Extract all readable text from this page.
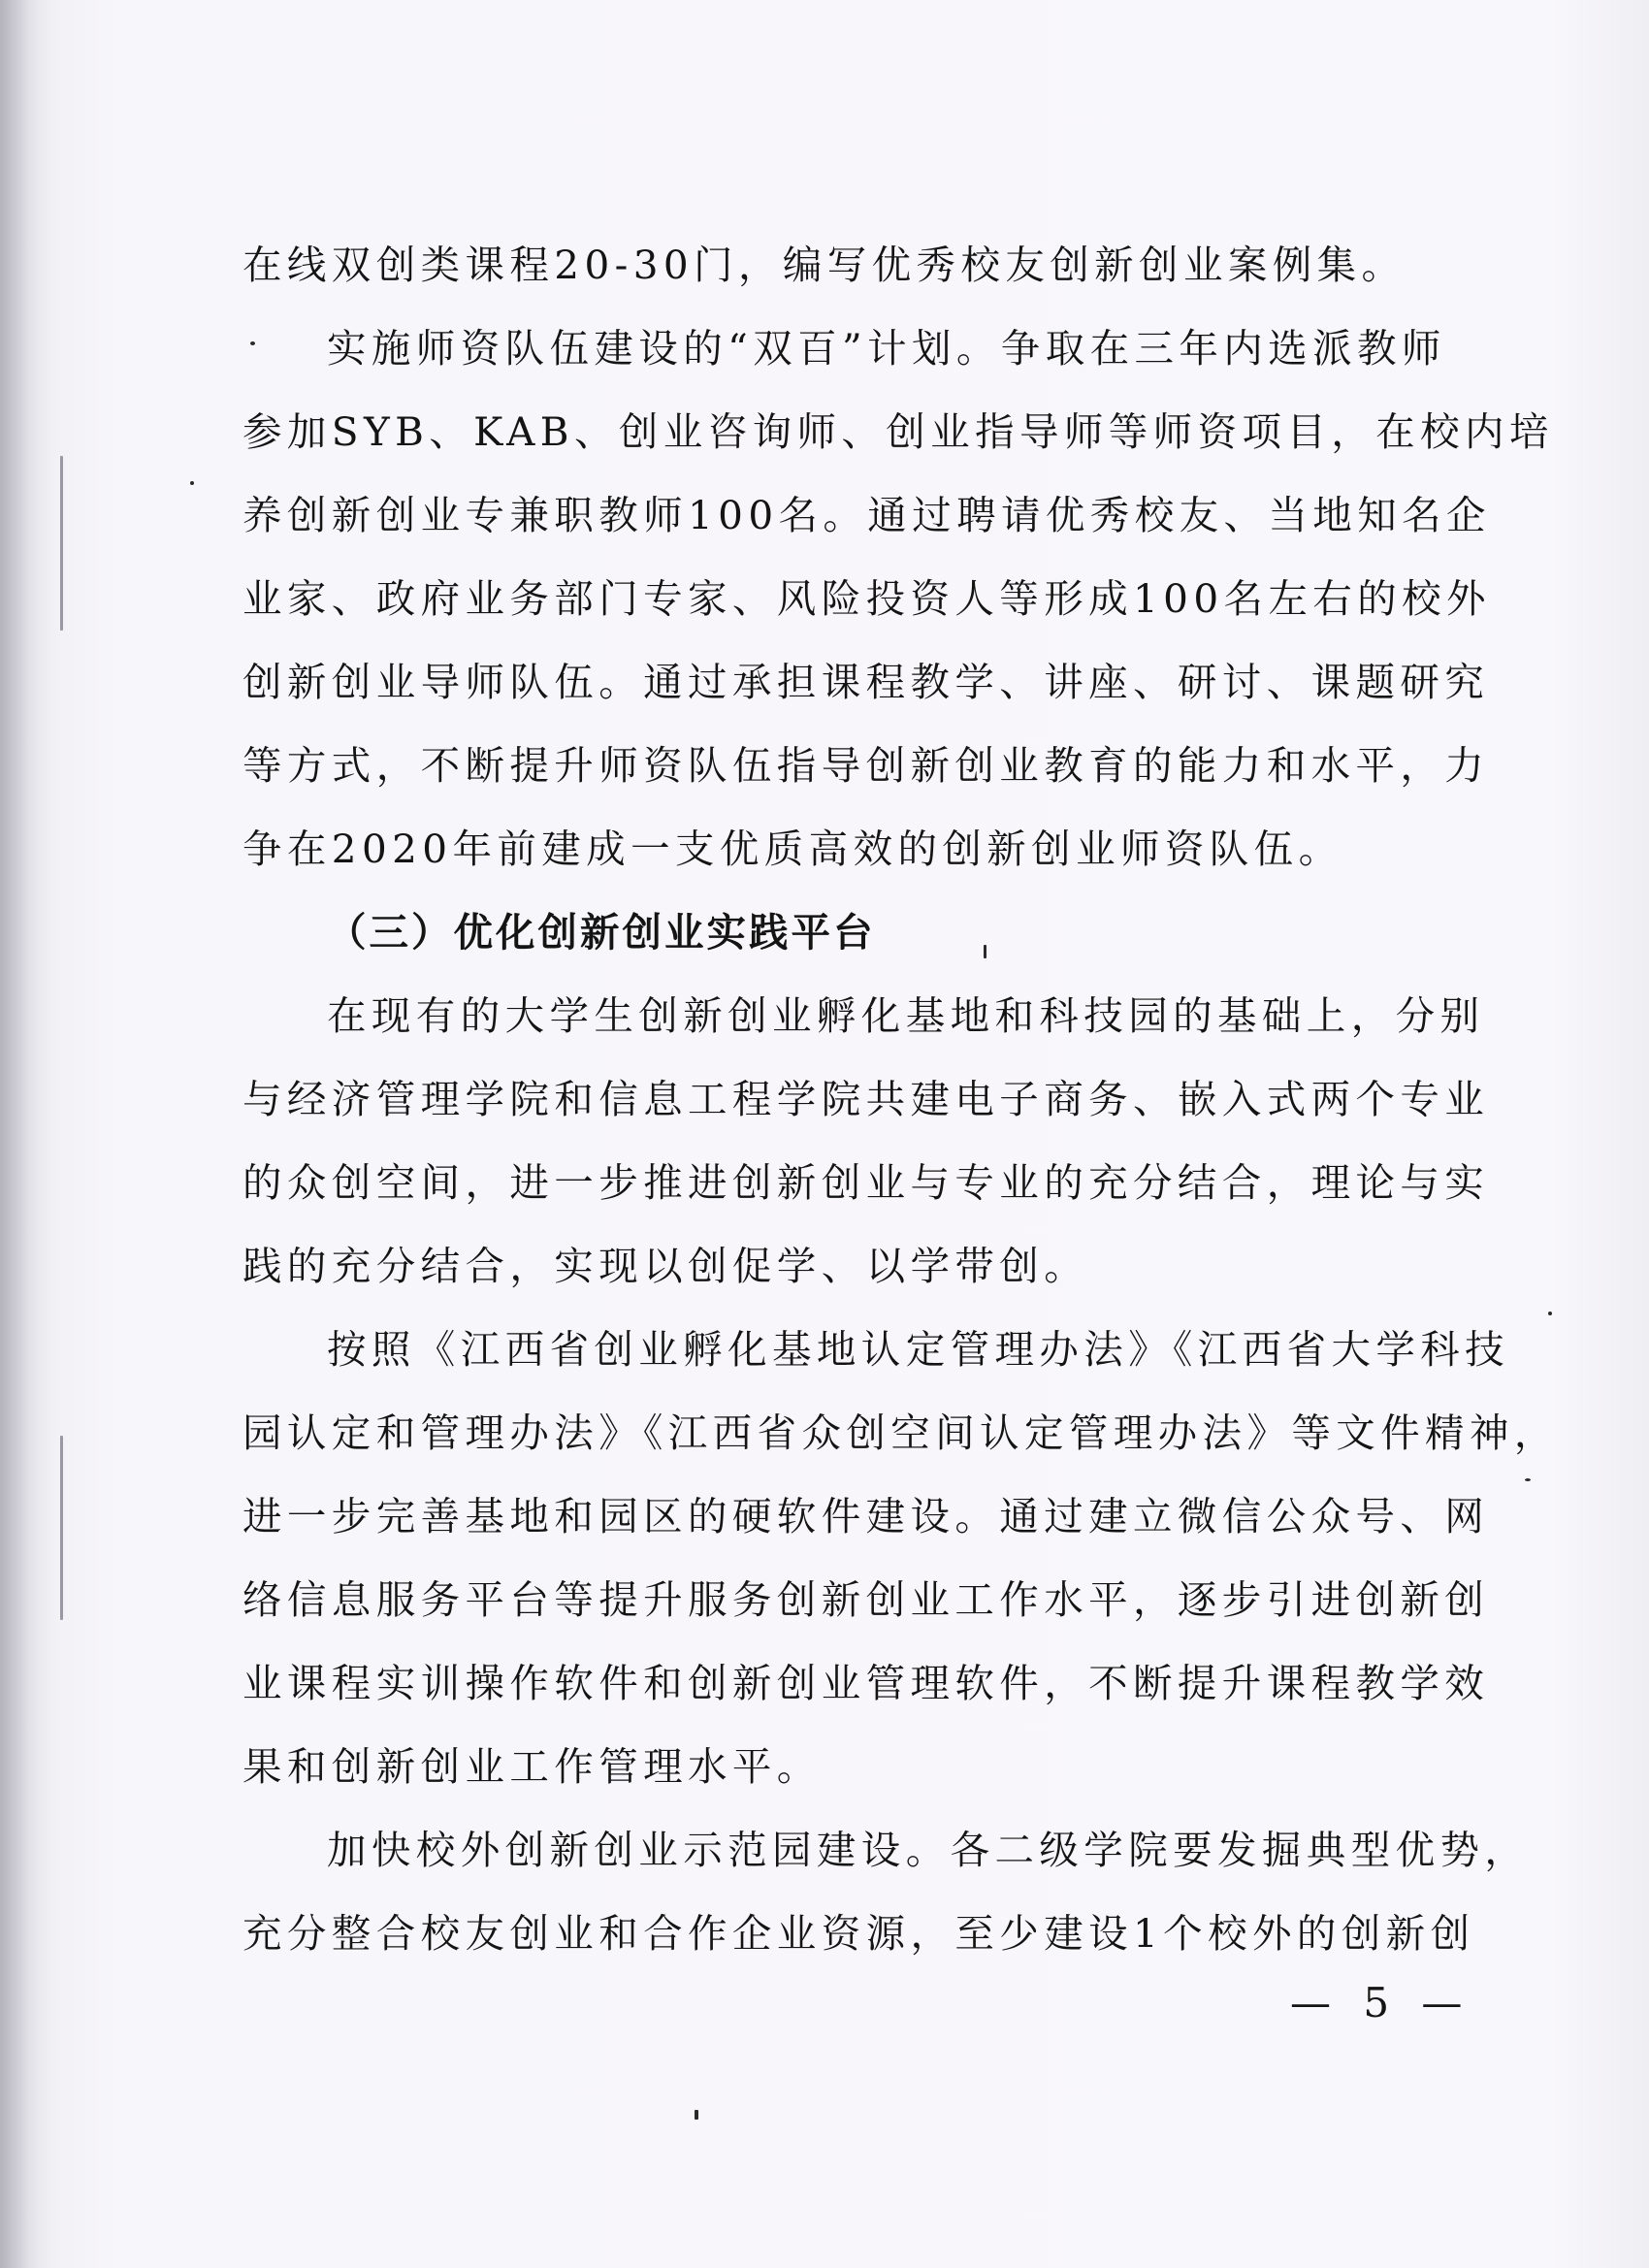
在线双创类课程20-30门，编写优秀校友创新创业案例集。
实施师资队伍建设的“双百”计划。争取在三年内选派教师
参加SYB、KAB、创业咨询师、创业指导师等师资项目，在校内培
养创新创业专兼职教师100名。通过聘请优秀校友、当地知名企
业家、政府业务部门专家、风险投资人等形成100名左右的校外
创新创业导师队伍。通过承担课程教学、讲座、研讨、课题研究
等方式，不断提升师资队伍指导创新创业教育的能力和水平，力
争在2020年前建成一支优质高效的创新创业师资队伍。
（三）优化创新创业实践平台
在现有的大学生创新创业孵化基地和科技园的基础上，分别
与经济管理学院和信息工程学院共建电子商务、嵌入式两个专业
的众创空间，进一步推进创新创业与专业的充分结合，理论与实
践的充分结合，实现以创促学、以学带创。
按照《江西省创业孵化基地认定管理办法》《江西省大学科技
园认定和管理办法》《江西省众创空间认定管理办法》等文件精神，
进一步完善基地和园区的硬软件建设。通过建立微信公众号、网
络信息服务平台等提升服务创新创业工作水平，逐步引进创新创
业课程实训操作软件和创新创业管理软件，不断提升课程教学效
果和创新创业工作管理水平。
加快校外创新创业示范园建设。各二级学院要发掘典型优势，
充分整合校友创业和合作企业资源，至少建设1个校外的创新创
— 5 —
